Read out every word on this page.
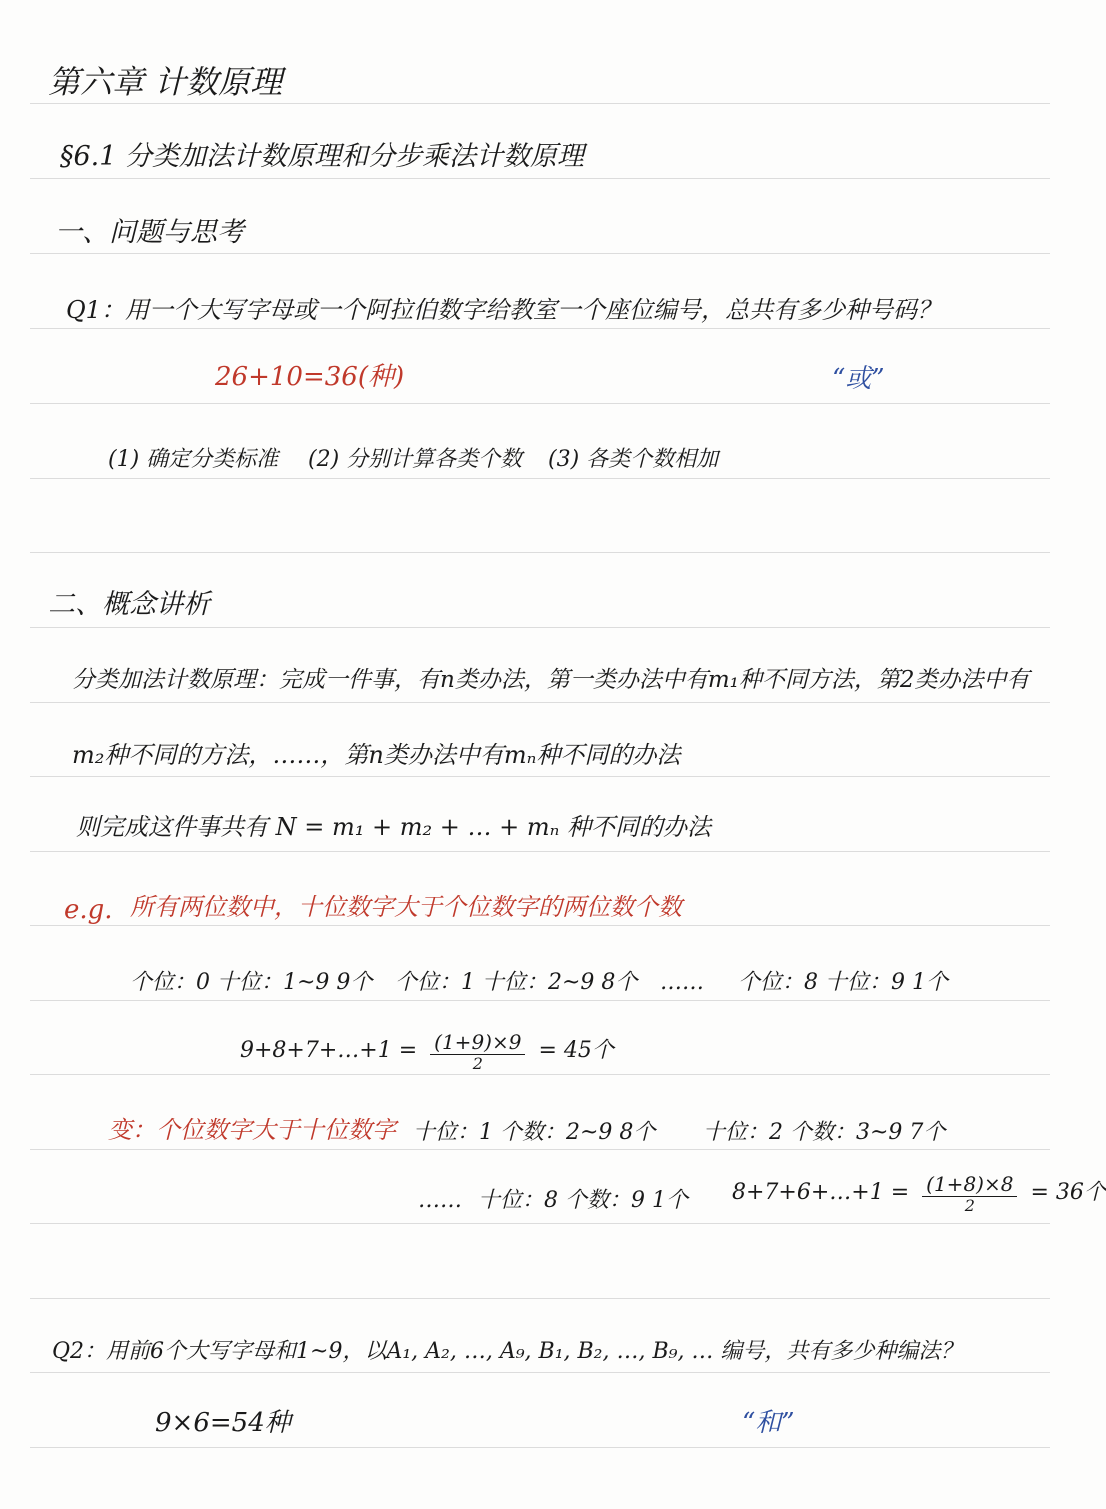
第六章 计数原理
§6.1 分类加法计数原理和分步乘法计数原理
一、问题与思考
Q1：用一个大写字母或一个阿拉伯数字给教室一个座位编号，总共有多少种号码？
26+10=36(种)	“或”
(1) 确定分类标准 (2) 分别计算各类个数 (3) 各类个数相加
二、概念讲析
分类加法计数原理：完成一件事，有n类办法，第一类办法中有m₁种不同方法，第2类办法中有
m₂种不同的方法，……，第n类办法中有mₙ种不同的办法
则完成这件事共有 N = m₁ + m₂ + … + mₙ 种不同的办法
e.g. 所有两位数中，十位数字大于个位数字的两位数个数
个位：0 十位：1~9 9个 个位：1 十位：2~9 8个 …… 个位：8 十位：9 1个
9+8+7+…+1 = $\frac{(1+9)\times 9}{2} = 45$个
变：个位数字大于十位数字 十位：1 个数：2~9 8个 十位：2 个数：3~9 7个
…… 十位：8 个数：9 1个 8+7+6+…+1 = $\frac{(1+8)\times 8}{2} = 36$个
Q2：用前6个大写字母和1~9，以A₁, A₂, …, A₉, B₁, B₂, …, B₉, … 编号，共有多少种编法？
9×6=54种	“和”
